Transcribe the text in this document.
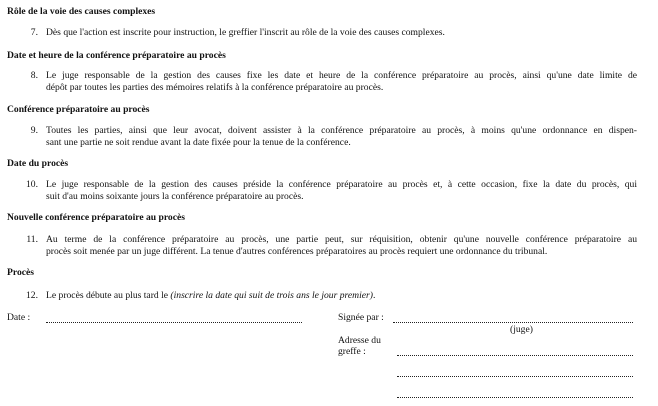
Rôle de la voie des causes complexes
7. Dès que l'action est inscrite pour instruction, le greffier l'inscrit au rôle de la voie des causes complexes.
Date et heure de la conférence préparatoire au procès
8. Le juge responsable de la gestion des causes fixe les date et heure de la conférence préparatoire au procès, ainsi qu'une date limite de
dépôt par toutes les parties des mémoires relatifs à la conférence préparatoire au procès.
Conférence préparatoire au procès
9. Toutes les parties, ainsi que leur avocat, doivent assister à la conférence préparatoire au procès, à moins qu'une ordonnance en dispen-
sant une partie ne soit rendue avant la date fixée pour la tenue de la conférence.
Date du procès
10. Le juge responsable de la gestion des causes préside la conférence préparatoire au procès et, à cette occasion, fixe la date du procès, qui
suit d'au moins soixante jours la conférence préparatoire au procès.
Nouvelle conférence préparatoire au procès
11. Au terme de la conférence préparatoire au procès, une partie peut, sur réquisition, obtenir qu'une nouvelle conférence préparatoire au
procès soit menée par un juge différent. La tenue d'autres conférences préparatoires au procès requiert une ordonnance du tribunal.
Procès
12. Le procès débute au plus tard le (inscrire la date qui suit de trois ans le jour premier).
Date :	Signée par :
(juge)
Adresse du
greffe :
